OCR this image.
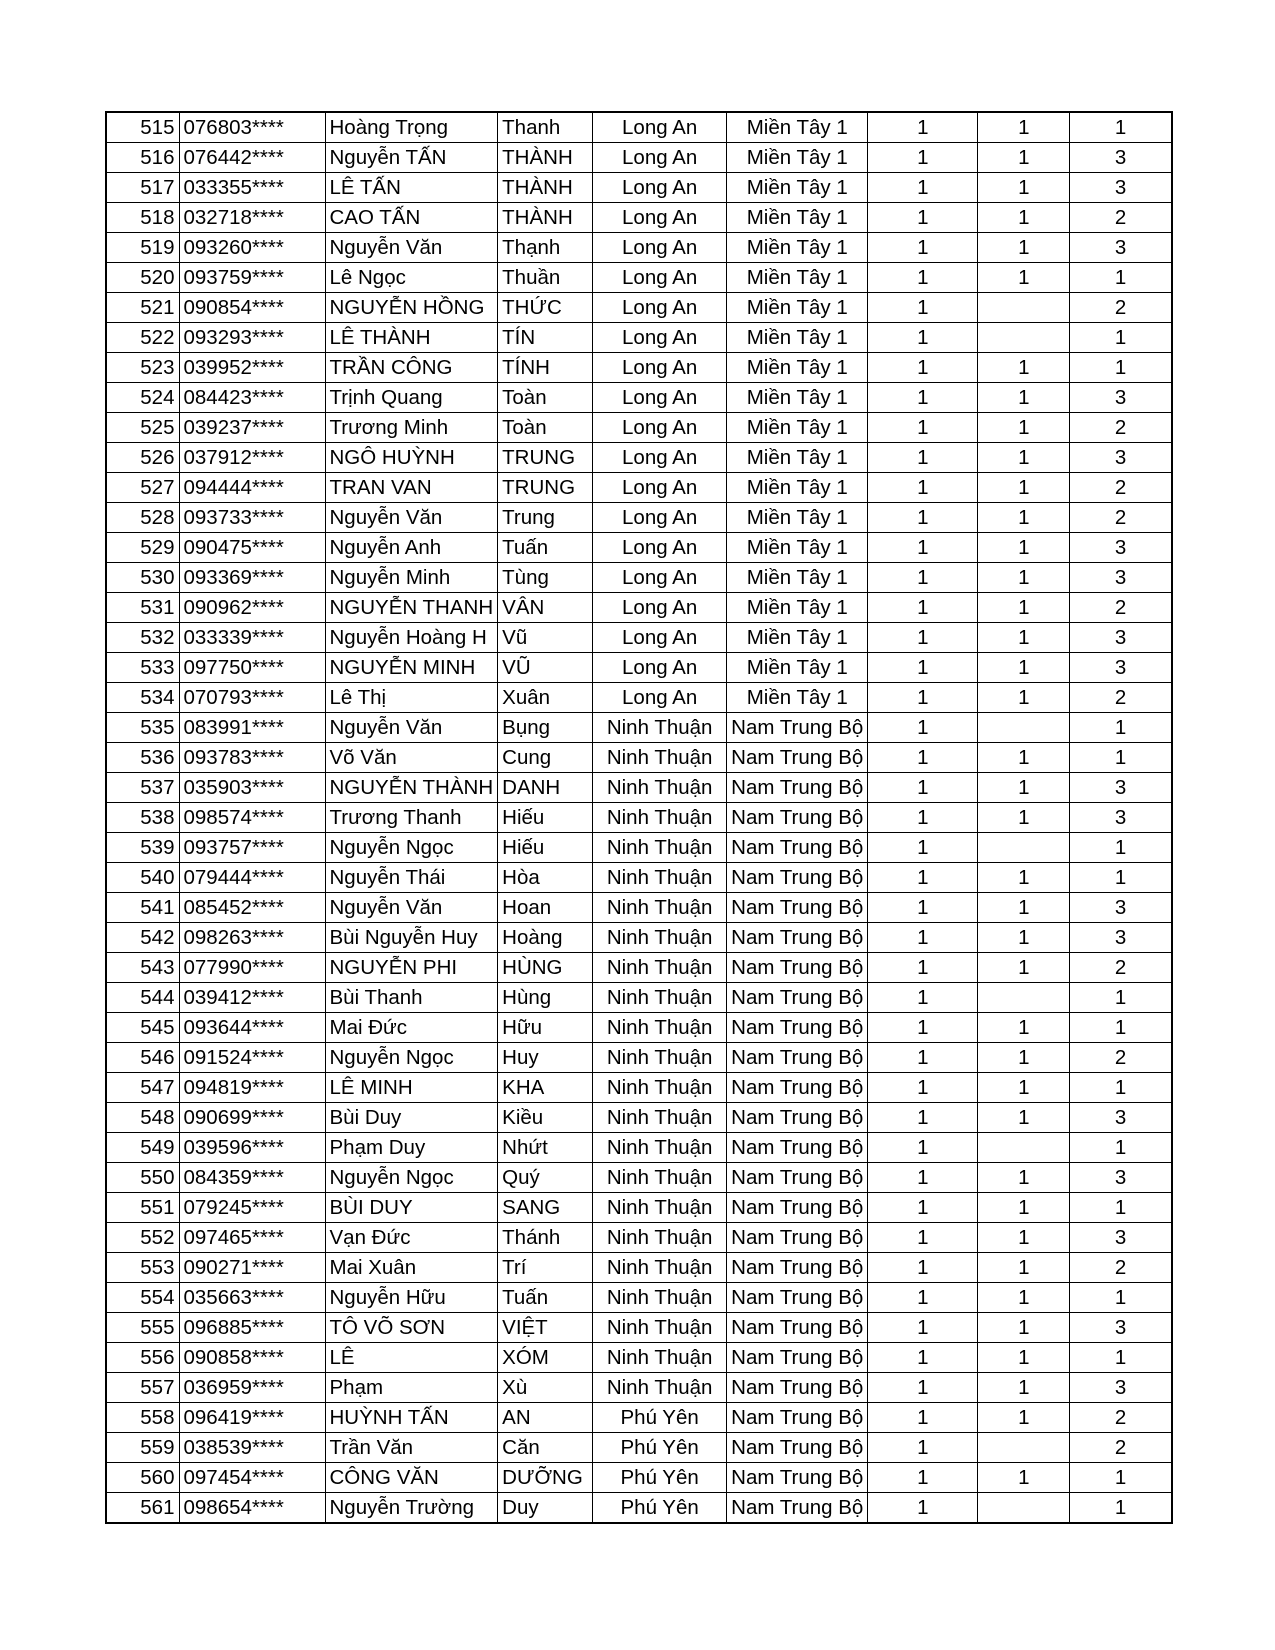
515	076803****	Hoàng Trọng	Thanh	Long An	Miền Tây 1	1	1	1
516	076442****	Nguyễn TẤN	THÀNH	Long An	Miền Tây 1	1	1	3
517	033355****	LÊ TẤN	THÀNH	Long An	Miền Tây 1	1	1	3
518	032718****	CAO TẤN	THÀNH	Long An	Miền Tây 1	1	1	2
519	093260****	Nguyễn Văn	Thạnh	Long An	Miền Tây 1	1	1	3
520	093759****	Lê Ngọc	Thuần	Long An	Miền Tây 1	1	1	1
521	090854****	NGUYỄN HỒNG	THỨC	Long An	Miền Tây 1	1		2
522	093293****	LÊ THÀNH	TÍN	Long An	Miền Tây 1	1		1
523	039952****	TRẦN CÔNG	TÍNH	Long An	Miền Tây 1	1	1	1
524	084423****	Trịnh Quang	Toàn	Long An	Miền Tây 1	1	1	3
525	039237****	Trương Minh	Toàn	Long An	Miền Tây 1	1	1	2
526	037912****	NGÔ HUỲNH	TRUNG	Long An	Miền Tây 1	1	1	3
527	094444****	TRAN VAN	TRUNG	Long An	Miền Tây 1	1	1	2
528	093733****	Nguyễn Văn	Trung	Long An	Miền Tây 1	1	1	2
529	090475****	Nguyễn Anh	Tuấn	Long An	Miền Tây 1	1	1	3
530	093369****	Nguyễn Minh	Tùng	Long An	Miền Tây 1	1	1	3
531	090962****	NGUYỄN THANH	VÂN	Long An	Miền Tây 1	1	1	2
532	033339****	Nguyễn Hoàng H	Vũ	Long An	Miền Tây 1	1	1	3
533	097750****	NGUYỄN MINH	VŨ	Long An	Miền Tây 1	1	1	3
534	070793****	Lê Thị	Xuân	Long An	Miền Tây 1	1	1	2
535	083991****	Nguyễn Văn	Bụng	Ninh Thuận	Nam Trung Bộ	1		1
536	093783****	Võ Văn	Cung	Ninh Thuận	Nam Trung Bộ	1	1	1
537	035903****	NGUYỄN THÀNH	DANH	Ninh Thuận	Nam Trung Bộ	1	1	3
538	098574****	Trương Thanh	Hiếu	Ninh Thuận	Nam Trung Bộ	1	1	3
539	093757****	Nguyễn Ngọc	Hiếu	Ninh Thuận	Nam Trung Bộ	1		1
540	079444****	Nguyễn Thái	Hòa	Ninh Thuận	Nam Trung Bộ	1	1	1
541	085452****	Nguyễn Văn	Hoan	Ninh Thuận	Nam Trung Bộ	1	1	3
542	098263****	Bùi Nguyễn Huy	Hoàng	Ninh Thuận	Nam Trung Bộ	1	1	3
543	077990****	NGUYỄN PHI	HÙNG	Ninh Thuận	Nam Trung Bộ	1	1	2
544	039412****	Bùi Thanh	Hùng	Ninh Thuận	Nam Trung Bộ	1		1
545	093644****	Mai Đức	Hữu	Ninh Thuận	Nam Trung Bộ	1	1	1
546	091524****	Nguyễn Ngọc	Huy	Ninh Thuận	Nam Trung Bộ	1	1	2
547	094819****	LÊ MINH	KHA	Ninh Thuận	Nam Trung Bộ	1	1	1
548	090699****	Bùi Duy	Kiều	Ninh Thuận	Nam Trung Bộ	1	1	3
549	039596****	Phạm Duy	Nhứt	Ninh Thuận	Nam Trung Bộ	1		1
550	084359****	Nguyễn Ngọc	Quý	Ninh Thuận	Nam Trung Bộ	1	1	3
551	079245****	BÙI DUY	SANG	Ninh Thuận	Nam Trung Bộ	1	1	1
552	097465****	Vạn Đức	Thánh	Ninh Thuận	Nam Trung Bộ	1	1	3
553	090271****	Mai Xuân	Trí	Ninh Thuận	Nam Trung Bộ	1	1	2
554	035663****	Nguyễn Hữu	Tuấn	Ninh Thuận	Nam Trung Bộ	1	1	1
555	096885****	TÔ VÕ SƠN	VIỆT	Ninh Thuận	Nam Trung Bộ	1	1	3
556	090858****	LÊ	XÓM	Ninh Thuận	Nam Trung Bộ	1	1	1
557	036959****	Phạm	Xù	Ninh Thuận	Nam Trung Bộ	1	1	3
558	096419****	HUỲNH TẤN	AN	Phú Yên	Nam Trung Bộ	1	1	2
559	038539****	Trần Văn	Căn	Phú Yên	Nam Trung Bộ	1		2
560	097454****	CÔNG VĂN	DƯỠNG	Phú Yên	Nam Trung Bộ	1	1	1
561	098654****	Nguyễn Trường	Duy	Phú Yên	Nam Trung Bộ	1		1
